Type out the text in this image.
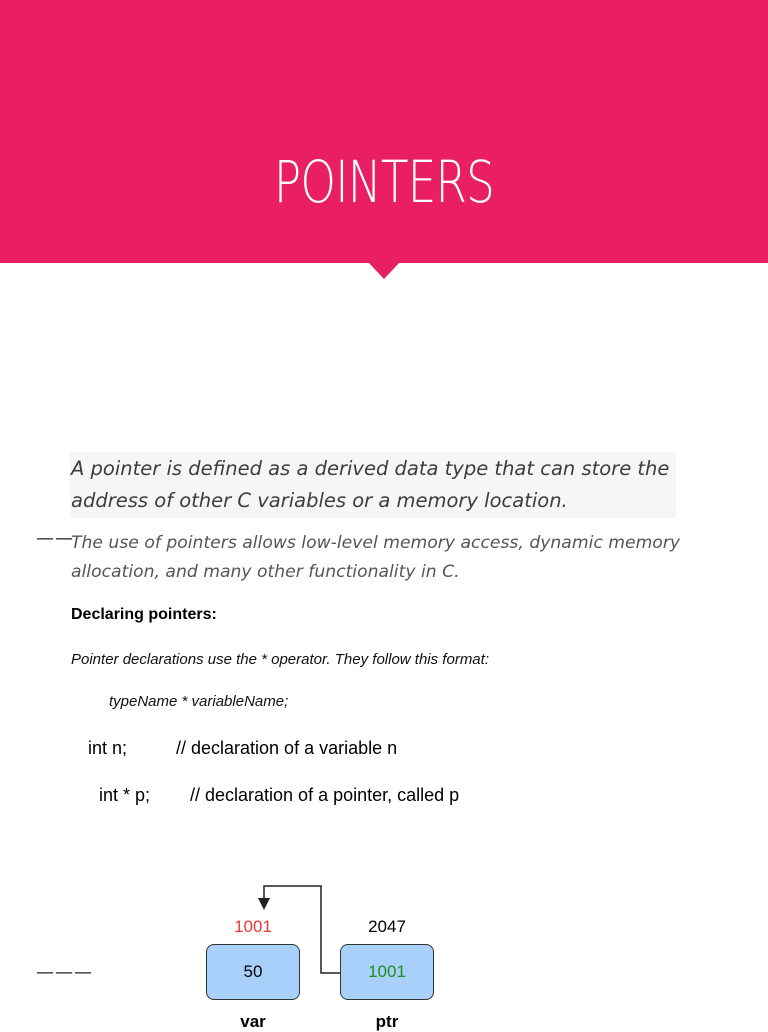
POINTERS
A pointer is defined as a derived data type that can store the address of other C variables or a memory location.
——
The use of pointers allows low-level memory access, dynamic memory allocation, and many other functionality in C.
Declaring pointers:
Pointer declarations use the * operator. They follow this format:
typeName * variableName;
int n;	// declaration of a variable n
int * p; // declaration of a pointer, called p
———
1001
50
var
2047
1001
ptr
